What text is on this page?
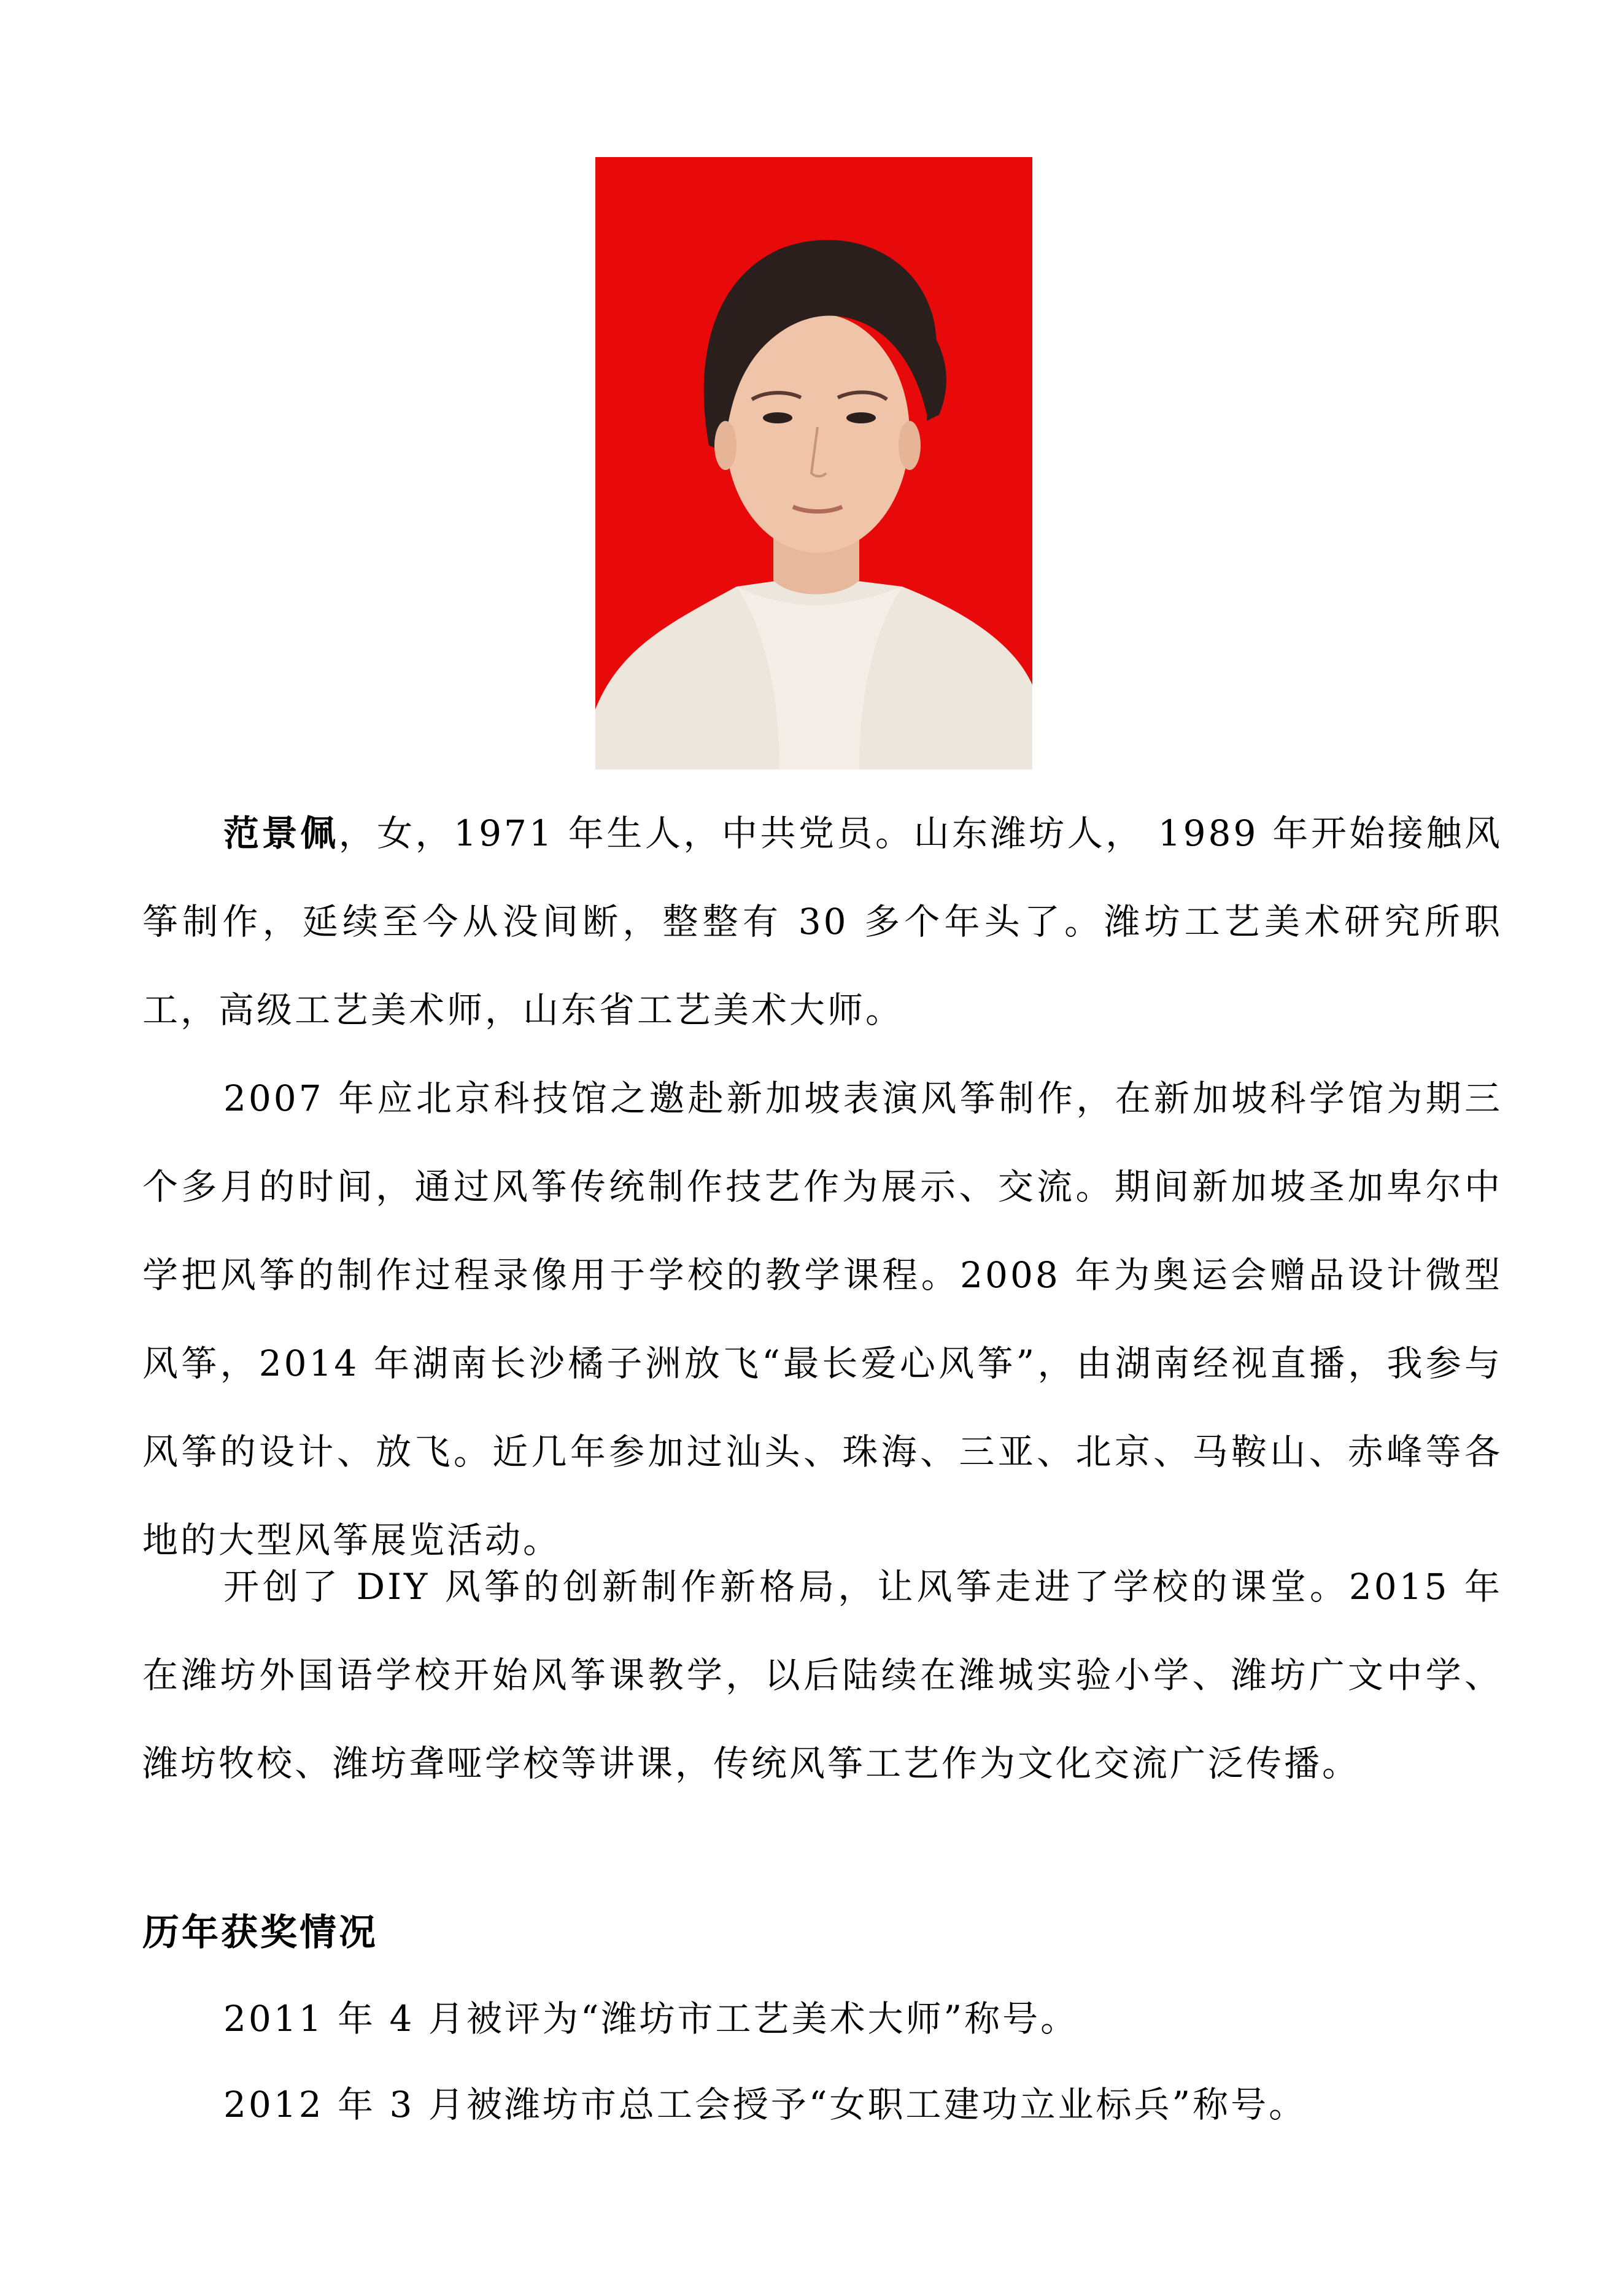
范景佩，女，1971 年生人，中共党员。山东潍坊人， 1989 年开始接触风筝制作，延续至今从没间断，整整有 30 多个年头了。潍坊工艺美术研究所职工，高级工艺美术师，山东省工艺美术大师。

2007 年应北京科技馆之邀赴新加坡表演风筝制作，在新加坡科学馆为期三个多月的时间，通过风筝传统制作技艺作为展示、交流。期间新加坡圣加卑尔中学把风筝的制作过程录像用于学校的教学课程。2008 年为奥运会赠品设计微型风筝，2014 年湖南长沙橘子洲放飞“最长爱心风筝”，由湖南经视直播，我参与风筝的设计、放飞。近几年参加过汕头、珠海、三亚、北京、马鞍山、赤峰等各地的大型风筝展览活动。

开创了 DIY 风筝的创新制作新格局，让风筝走进了学校的课堂。2015 年在潍坊外国语学校开始风筝课教学，以后陆续在潍城实验小学、潍坊广文中学、潍坊牧校、潍坊聋哑学校等讲课，传统风筝工艺作为文化交流广泛传播。

历年获奖情况

2011 年 4 月被评为“潍坊市工艺美术大师”称号。

2012 年 3 月被潍坊市总工会授予“女职工建功立业标兵”称号。
